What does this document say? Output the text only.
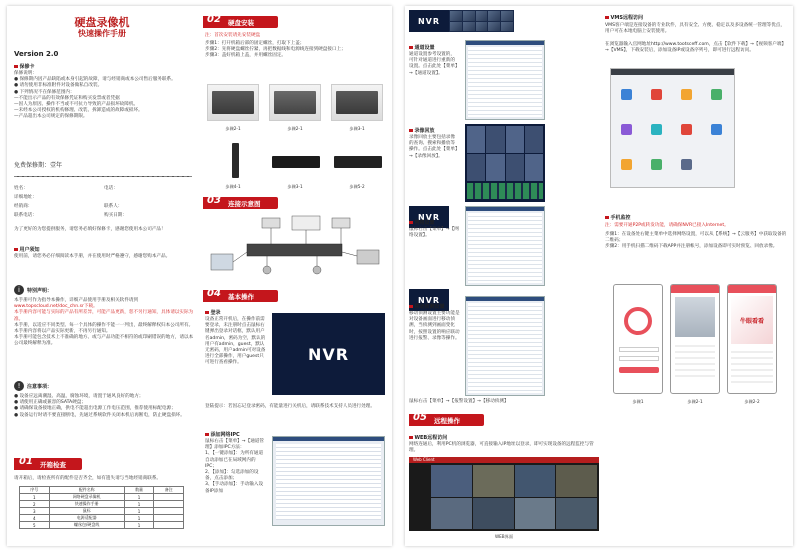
硬盘录像机
快速操作手册
Version 2.0
保修卡
保修说明：
● 保修期内因产品缺陷或本身引起的故障，请与经销商或本公司售后服务联系。
● 请勿使用非标准附件对设备做私自改装。
● 下列情况不在保修范围内：
—不能出示产品的有效保修凭证和购买发票或者凭据
—因人为原因、操作不当或不可抗力导致的产品损坏故障机。
—未经本公司授权的机构修理、改装、拆卸造成的故障或损坏。
—产品超出本公司规定的保修期限。
免费保修期：壹年
姓名：	电话：
详细地址：
经销商：	联系人：
联系电话：	购买日期：
为了更好的为您提供服务，请您务必填好保修卡，感谢您使用本公司产品！
用户须知
使用前，请您务必仔细阅读本手册，并在使用时严格遵守，感谢您购本产品。
i	特别声明：
本手册可作为指导本操作，详细产品使用手册及相关软件请到
www.topscloud.net/doc_chn.sr下载。
本手册内容可能与实际的产品有所差异，可能产品更新，恕不另行通知，具体请以实际为准。
本手册，以适应不同类型。每一个具体的操作不能一一列出，最终解释权归本公司所有。
本手册内容将以产品实际更新，不再另行通知。
本手册可能包含技术上不准确的地方、或与产品功能不相符的或印刷错误的地方，请以本公司最终解释为准。
!	注意事项：
● 设备应远离潮湿、高温、腐蚀环境，请置于通风良好的地方；
● 请使用正确或兼容的SATA硬盘；
● 请确保设备接地正确，供电不能超出电源工作电压范围，推荐使用标配电源；
● 设备运行时请不要直接断电，先通过系统软件关闭本机后再断电，防止硬盘损坏。
01 开箱检查
请开箱后，请检查所有的配件是否齐全，如有遗失请与当地经销商联系。
序号	配件名称	数量	备注
1	网络硬盘录像机	1	
2	快速操作手册	1	
3	鼠标	1	
4	电源适配器	1	
5	螺丝包/硬盘线	1	
02 硬盘安装
注：首次安装请先安装硬盘
步骤1：打开机箱后部的固定螺丝，打取下上盖；
步骤2：先将硬盘螺丝拧紧，再把数据线和电源线连接到硬盘接口上；
步骤3：盖好机箱上盖，并用螺丝固定。
步骤2-1	步骤2-1	步骤3-1
步骤4-1	步骤3-1	步骤5-2
03 连接示意图
04 基本操作
登录
设备正常开机后，在操作前需要登录，未注册时点击鼠标右键弹出登录对话框，默认用户名admin，密码为空，默认的用户有admin，guest，默认无密码，用户admin可对设备进行全部操作，用户guest只可进行查看操作。	NVR
登陆提示：若因忘记登录密码，有能量进行关机后，请联系技术支持人员进行处理。
添加网络IPC
鼠标右击【菜单】→【通道管理】添加IPC方法：
1、【一键添加】：为所有通道自动添加已在局域网内的IPC；
2、【添加】：勾选添加的设备，点击添加；
3、【手动添加】：手动输入设备IP添加
NVR
通道设置
通道设置参考设置的，可针对通道进行重新的设置。点击此处【菜单】→【通道设置】。
录像回放
录像回放主要包括录像的查询、搜索和播放等操作。点击此处【菜单】→【录像回放】。
NVR
网络设置
鼠标右击【菜单】→【网络设置】。
NVR
移动侦测设置
移动侦测设置主要功能是对设备画面进行移动侦测，当侦测到画面变化时，按照设置的响应联动进行报警、录像等操作。
鼠标右击【菜单】→【报警设置】→【移动侦测】
05 远程操作
WEB远程访问
网络连通后，利用PC机的浏览器，可直接输入IP地址以登录，即可实现设备的远程监控与管理。
Web Client
WEB界面
VMS远程访问
VMS客户端是连接设备的专业软件，具有安全、方便、稳定以及多设备统一管理等优点，用户可在本地电脑上安装使用。
在浏览器输入官网地址http://www.tootsceff.com，点击【软件下载】→【视频客户端】→【VMS】，下载安装后，添加设备IP或设备序列号，即可进行远程访问。
手机监控
注：需要开通P2P或转发功能，请确保NVR已接入Internet。
步骤1：在设备处右键主菜单中选择网络设置，可以从【系统】→【云服务】中获取设备的二维码；
步骤2：用手机扫描二维码下载APP并注册帐号，添加设备即可实时预览、回放录像。
牛眼看看
步骤1	步骤2-1	步骤2-2
